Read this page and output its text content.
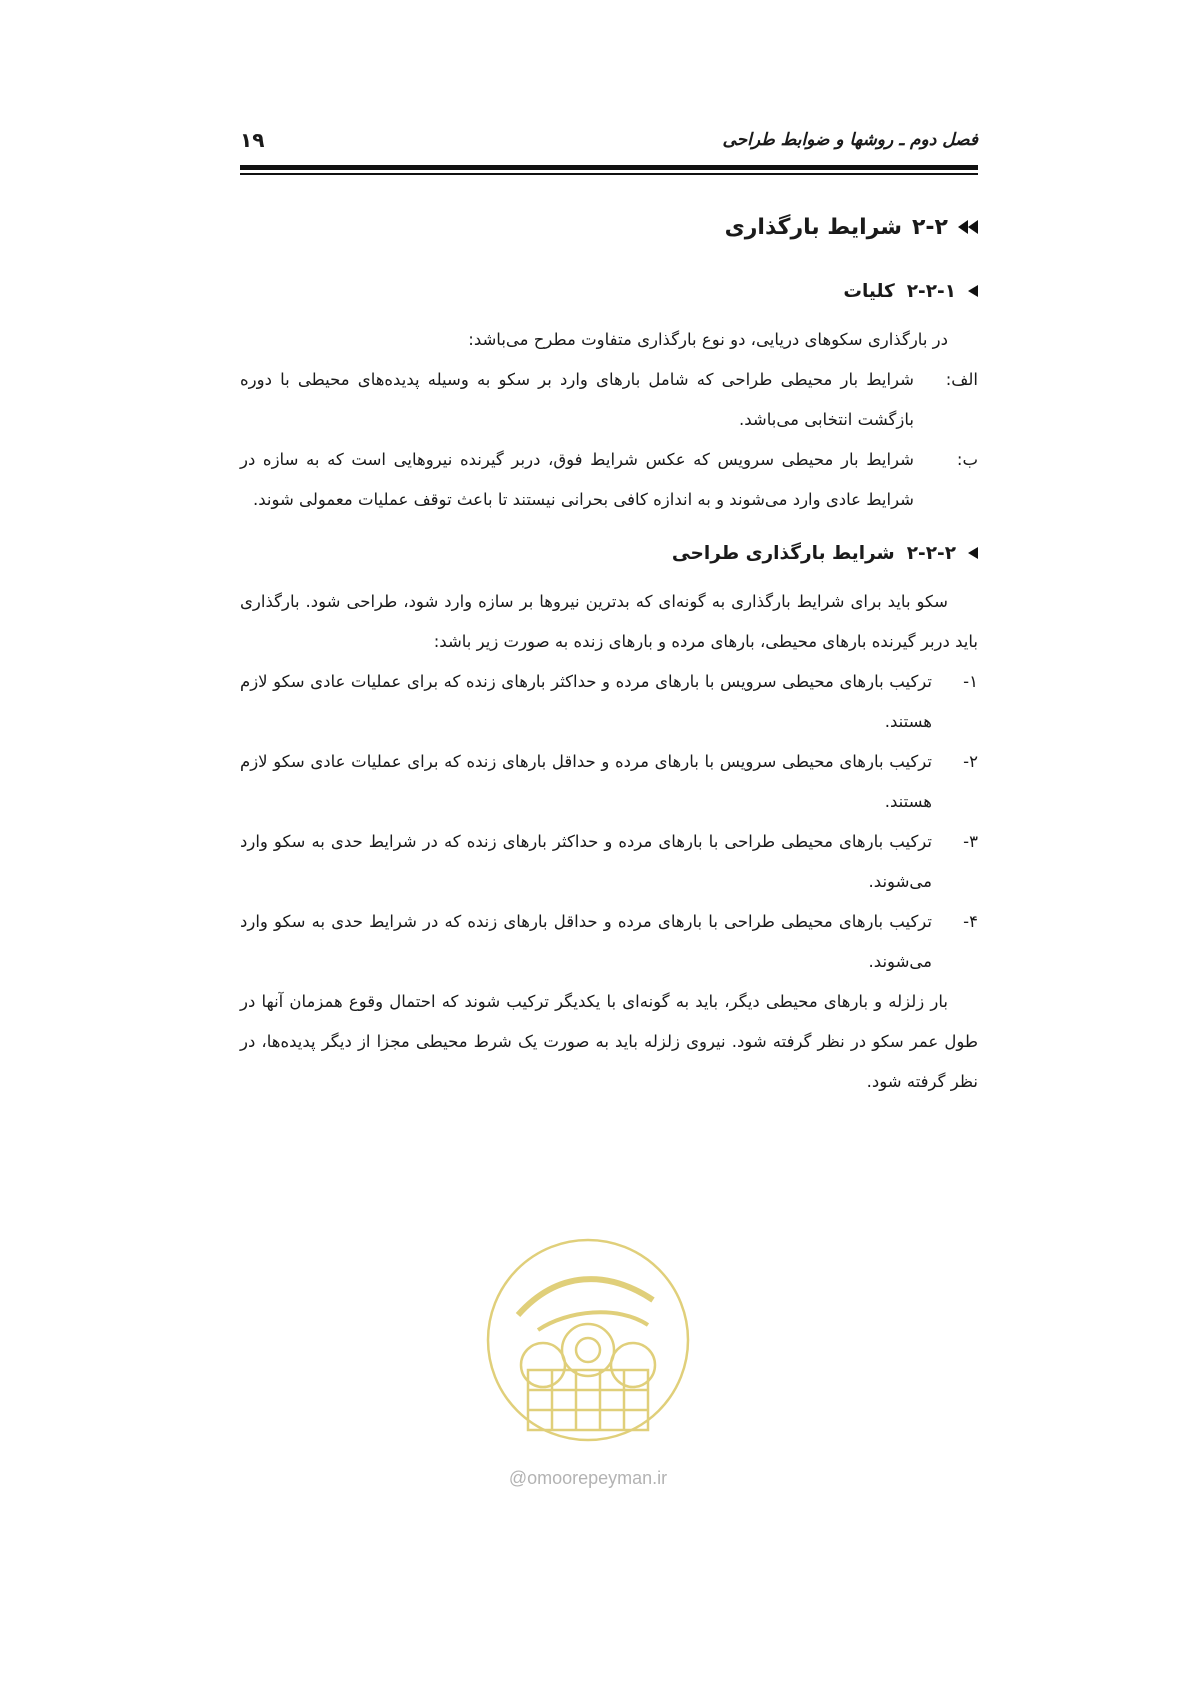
فصل دوم ـ روشها و ضوابط طراحی
۱۹
۲-۲
شرایط بارگذاری
۲-۲-۱
کلیات

در بارگذاری سکوهای دریایی، دو نوع بارگذاری متفاوت مطرح می‌باشد:

الف:
شرایط بار محیطی طراحی که شامل بارهای وارد بر سکو به وسیله پدیده‌های محیطی با دوره بازگشت انتخابی می‌باشد.
ب:
شرایط بار محیطی سرویس که عکس شرایط فوق، دربر گیرنده نیروهایی است که به سازه در شرایط عادی وارد می‌شوند و به اندازه کافی بحرانی نیستند تا باعث توقف عملیات معمولی شوند.
۲-۲-۲
شرایط بارگذاری طراحی

سکو باید برای شرایط بارگذاری به گونه‌ای که بدترین نیروها بر سازه وارد شود، طراحی شود. بارگذاری باید دربر گیرنده بارهای محیطی، بارهای مرده و بارهای زنده به صورت زیر باشد:

۱-
ترکیب بارهای محیطی سرویس با بارهای مرده و حداکثر بارهای زنده که برای عملیات عادی سکو لازم هستند.
۲-
ترکیب بارهای محیطی سرویس با بارهای مرده و حداقل بارهای زنده که برای عملیات عادی سکو لازم هستند.
۳-
ترکیب بارهای محیطی طراحی با بارهای مرده و حداکثر بارهای زنده که در شرایط حدی به سکو وارد می‌شوند.
۴-
ترکیب بارهای محیطی طراحی با بارهای مرده و حداقل بارهای زنده که در شرایط حدی به سکو وارد می‌شوند.

بار زلزله و بارهای محیطی دیگر، باید به گونه‌ای با یکدیگر ترکیب شوند که احتمال وقوع همزمان آنها در طول عمر سکو در نظر گرفته شود. نیروی زلزله باید به صورت یک شرط محیطی مجزا از دیگر پدیده‌ها، در نظر گرفته شود.

@omoorepeyman.ir
